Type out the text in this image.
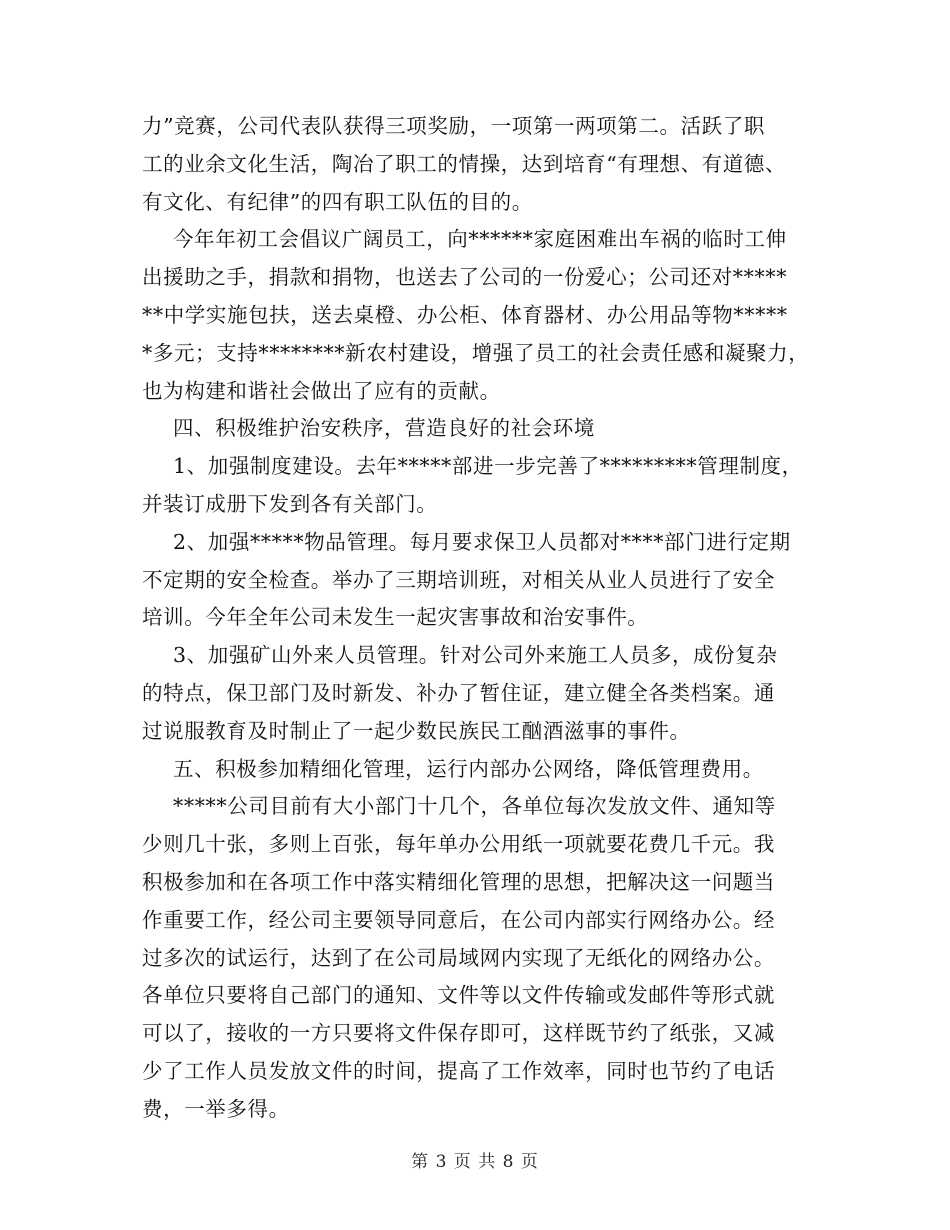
力”竞赛，公司代表队获得三项奖励，一项第一两项第二。活跃了职
工的业余文化生活，陶冶了职工的情操，达到培育“有理想、有道德、
有文化、有纪律”的四有职工队伍的目的。
今年年初工会倡议广阔员工，向******家庭困难出车祸的临时工伸
出援助之手，捐款和捐物，也送去了公司的一份爱心；公司还对*****
**中学实施包扶，送去桌橙、办公柜、体育器材、办公用品等物*****
*多元；支持********新农村建设，增强了员工的社会责任感和凝聚力，
也为构建和谐社会做出了应有的贡献。
四、积极维护治安秩序，营造良好的社会环境
1、加强制度建设。去年*****部进一步完善了*********管理制度，
并装订成册下发到各有关部门。
2、加强*****物品管理。每月要求保卫人员都对****部门进行定期
不定期的安全检查。举办了三期培训班，对相关从业人员进行了安全
培训。今年全年公司未发生一起灾害事故和治安事件。
3、加强矿山外来人员管理。针对公司外来施工人员多，成份复杂
的特点，保卫部门及时新发、补办了暂住证，建立健全各类档案。通
过说服教育及时制止了一起少数民族民工酗酒滋事的事件。
五、积极参加精细化管理，运行内部办公网络，降低管理费用。
*****公司目前有大小部门十几个，各单位每次发放文件、通知等
少则几十张，多则上百张，每年单办公用纸一项就要花费几千元。我
积极参加和在各项工作中落实精细化管理的思想，把解决这一问题当
作重要工作，经公司主要领导同意后，在公司内部实行网络办公。经
过多次的试运行，达到了在公司局域网内实现了无纸化的网络办公。
各单位只要将自己部门的通知、文件等以文件传输或发邮件等形式就
可以了，接收的一方只要将文件保存即可，这样既节约了纸张，又减
少了工作人员发放文件的时间，提高了工作效率，同时也节约了电话
费，一举多得。
第 3 页 共 8 页
